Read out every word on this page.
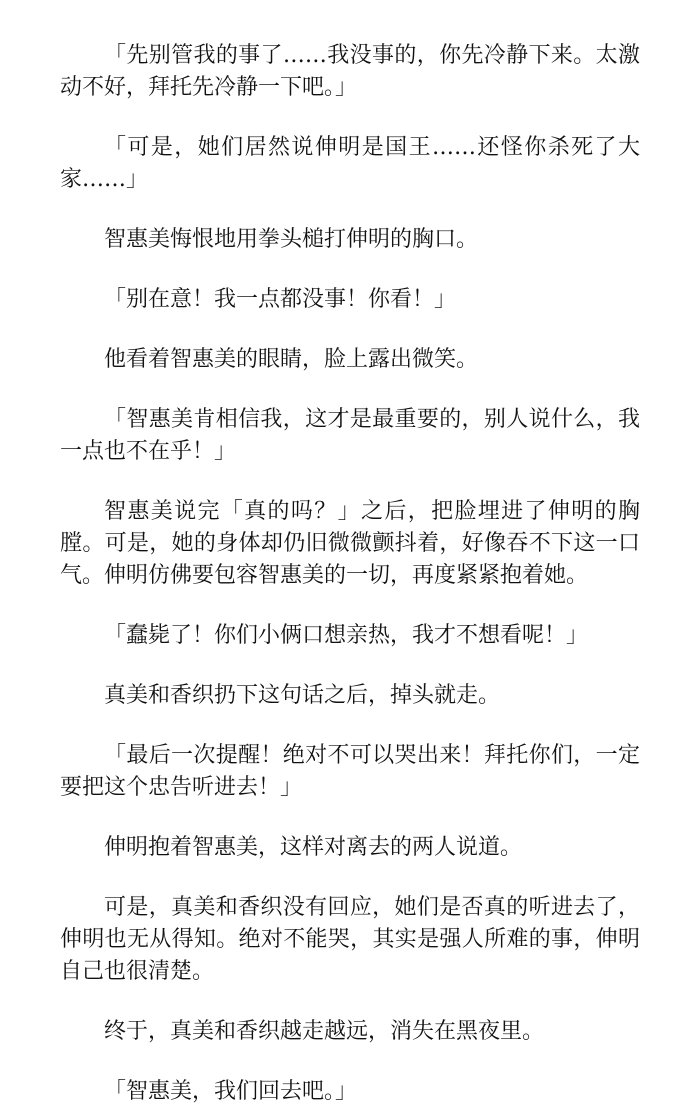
「先别管我的事了……我没事的，你先冷静下来。太激动不好，拜托先冷静一下吧。」

「可是，她们居然说伸明是国王……还怪你杀死了大家……」

智惠美悔恨地用拳头槌打伸明的胸口。

「别在意！我一点都没事！你看！」

他看着智惠美的眼睛，脸上露出微笑。

「智惠美肯相信我，这才是最重要的，别人说什么，我一点也不在乎！」

智惠美说完「真的吗？」之后，把脸埋进了伸明的胸膛。可是，她的身体却仍旧微微颤抖着，好像吞不下这一口气。伸明仿佛要包容智惠美的一切，再度紧紧抱着她。

「蠢毙了！你们小俩口想亲热，我才不想看呢！」

真美和香织扔下这句话之后，掉头就走。

「最后一次提醒！绝对不可以哭出来！拜托你们，一定要把这个忠告听进去！」

伸明抱着智惠美，这样对离去的两人说道。

可是，真美和香织没有回应，她们是否真的听进去了，伸明也无从得知。绝对不能哭，其实是强人所难的事，伸明自己也很清楚。

终于，真美和香织越走越远，消失在黑夜里。

「智惠美，我们回去吧。」
